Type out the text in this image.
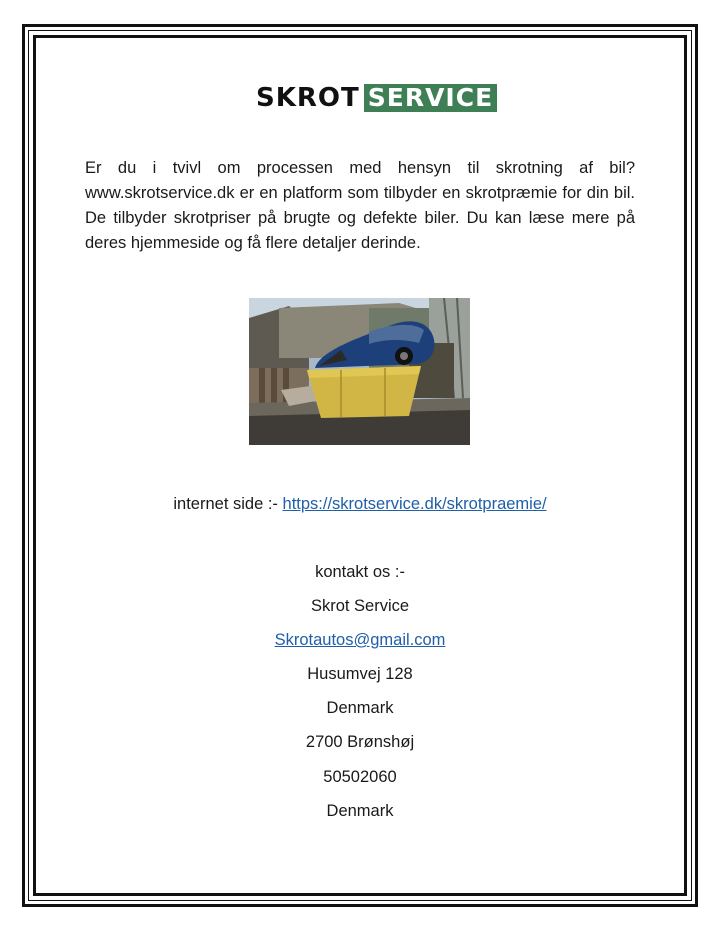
SKROT SERVICE

Er du i tvivl om processen med hensyn til skrotning af bil? www.skrotservice.dk er en platform som tilbyder en skrotpræmie for din bil. De tilbyder skrotpriser på brugte og defekte biler. Du kan læse mere på deres hjemmeside og få flere detaljer derinde.

internet side :- https://skrotservice.dk/skrotpraemie/
kontakt os :-
Skrot Service
Skrotautos@gmail.com
Husumvej 128
Denmark
2700 Brønshøj
50502060
Denmark
